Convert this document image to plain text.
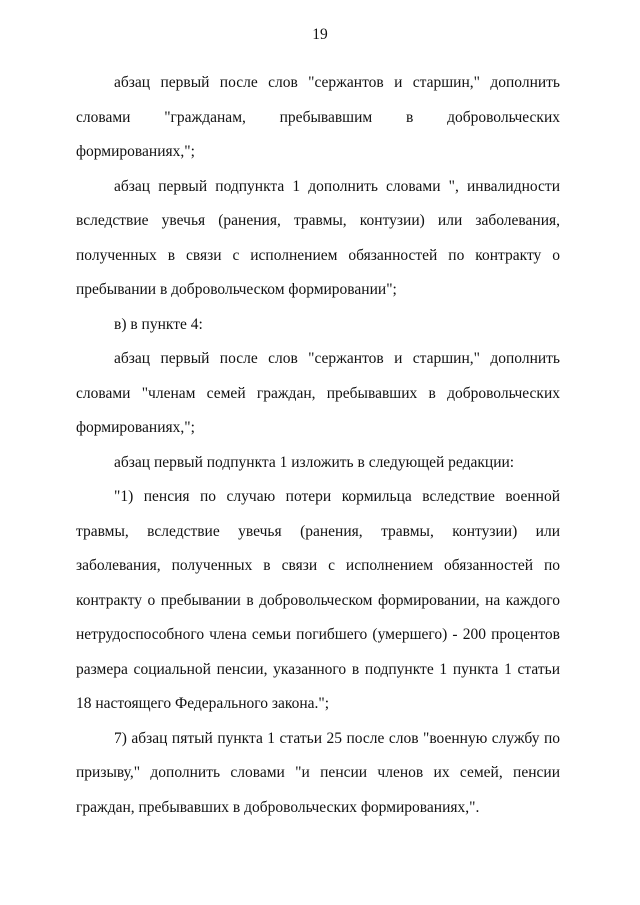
19

абзац первый после слов "сержантов и старшин," дополнить словами "гражданам, пребывавшим в добровольческих формированиях,";

абзац первый подпункта 1 дополнить словами ", инвалидности вследствие увечья (ранения, травмы, контузии) или заболевания, полученных в связи с исполнением обязанностей по контракту о пребывании в добровольческом формировании";

в) в пункте 4:

абзац первый после слов "сержантов и старшин," дополнить словами "членам семей граждан, пребывавших в добровольческих формированиях,";

абзац первый подпункта 1 изложить в следующей редакции:

"1) пенсия по случаю потери кормильца вследствие военной травмы, вследствие увечья (ранения, травмы, контузии) или заболевания, полученных в связи с исполнением обязанностей по контракту о пребывании в добровольческом формировании, на каждого нетрудоспособного члена семьи погибшего (умершего) - 200 процентов размера социальной пенсии, указанного в подпункте 1 пункта 1 статьи 18 настоящего Федерального закона.";

7) абзац пятый пункта 1 статьи 25 после слов "военную службу по призыву," дополнить словами "и пенсии членов их семей, пенсии граждан, пребывавших в добровольческих формированиях,".
